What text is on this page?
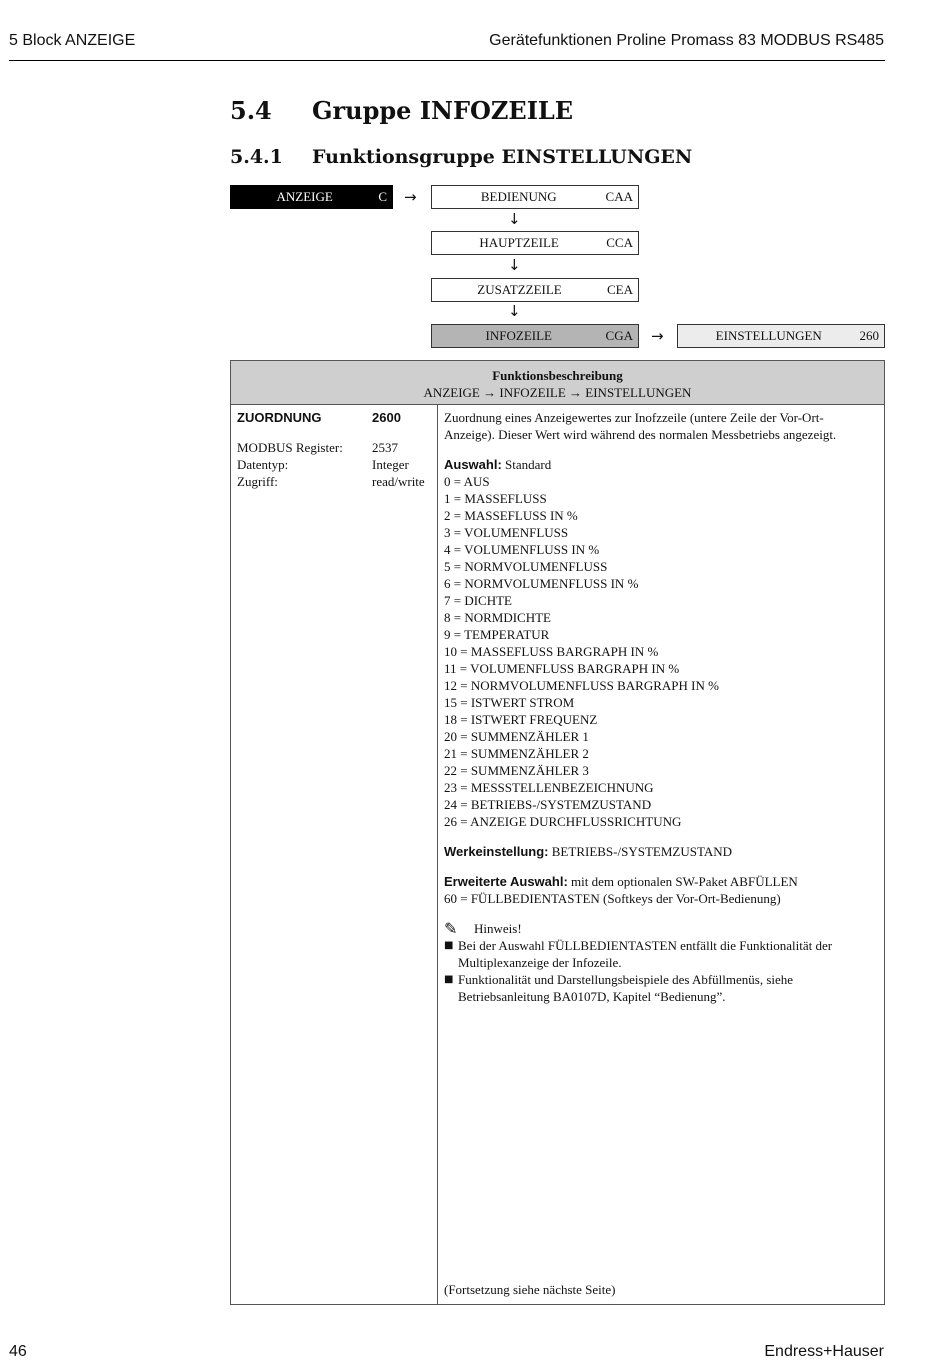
5 Block ANZEIGE	Gerätefunktionen Proline Promass 83 MODBUS RS485
5.4 Gruppe INFOZEILE
5.4.1 Funktionsgruppe EINSTELLUNGEN
ANZEIGE	C →	BEDIENUNG	CAA
↓
HAUPTZEILE	CCA
↓
ZUSATZZEILE	CEA
↓
INFOZEILE	CGA →	EINSTELLUNGEN	260
Funktionsbeschreibung
ANZEIGE → INFOZEILE → EINSTELLUNGEN
ZUORDNUNG	2600
MODBUS Register:	2537
Datentyp:	Integer
Zugriff:	read/write

Zuordnung eines Anzeigewertes zur Inofzzeile (untere Zeile der Vor-Ort-Anzeige). Dieser Wert wird während des normalen Messbetriebs angezeigt.

Auswahl: Standard

0 = AUS
1 = MASSEFLUSS
2 = MASSEFLUSS IN %
3 = VOLUMENFLUSS
4 = VOLUMENFLUSS IN %
5 = NORMVOLUMENFLUSS
6 = NORMVOLUMENFLUSS IN %
7 = DICHTE
8 = NORMDICHTE
9 = TEMPERATUR
10 = MASSEFLUSS BARGRAPH IN %
11 = VOLUMENFLUSS BARGRAPH IN %
12 = NORMVOLUMENFLUSS BARGRAPH IN %
15 = ISTWERT STROM
18 = ISTWERT FREQUENZ
20 = SUMMENZÄHLER 1
21 = SUMMENZÄHLER 2
22 = SUMMENZÄHLER 3
23 = MESSSTELLENBEZEICHNUNG
24 = BETRIEBS-/SYSTEMZUSTAND
26 = ANZEIGE DURCHFLUSSRICHTUNG

Werkeinstellung: BETRIEBS-/SYSTEMZUSTAND

Erweiterte Auswahl: mit dem optionalen SW-Paket ABFÜLLEN

60 = FÜLLBEDIENTASTEN (Softkeys der Vor-Ort-Bedienung)

✎	Hinweis!
■ Bei der Auswahl FÜLLBEDIENTASTEN entfällt die Funktionalität der Multiplexanzeige der Infozeile.
■ Funktionalität und Darstellungsbeispiele des Abfüllmenüs, siehe Betriebsanleitung BA0107D, Kapitel “Bedienung”.
(Fortsetzung siehe nächste Seite)
46	Endress+Hauser
